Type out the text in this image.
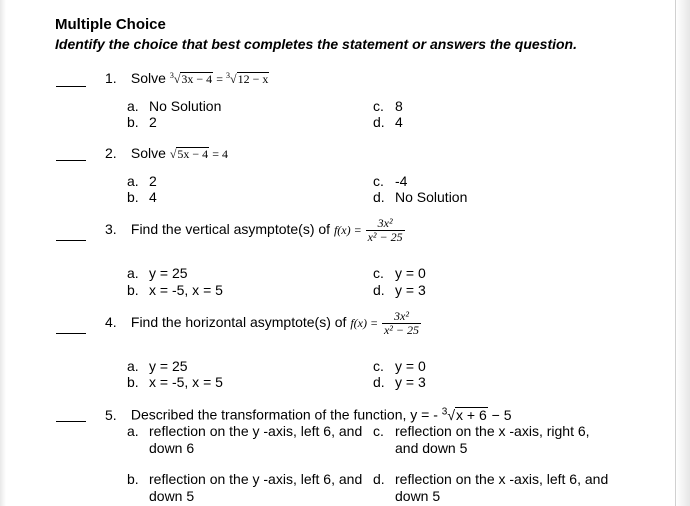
Multiple Choice
Identify the choice that best completes the statement or answers the question.
1. Solve $^3$√3x − 4 = $^3$√12 − x
a. No Solution
b. 2
c. 8
d. 4
2. Solve √5x − 4 = 4
a. 2
b. 4
c. -4
d. No Solution
3. Find the vertical asymptote(s) of $f(x) = \frac{\text{3x²}}{\text{x² − 25}}$
a. y = 25
b. x = -5, x = 5
c. y = 0
d. y = 3
4. Find the horizontal asymptote(s) of $f(x) = \frac{\text{3x²}}{\text{x² − 25}}$
a. y = 25
b. x = -5, x = 5
c. y = 0
d. y = 3
5. Described the transformation of the function, y = - $^3$√x + 6 − 5
a. reflection on the y -axis, left 6, and
down 6
c. reflection on the x -axis, right 6,
and down 5
b. reflection on the y -axis, left 6, and
down 5
d. reflection on the x -axis, left 6, and
down 5
